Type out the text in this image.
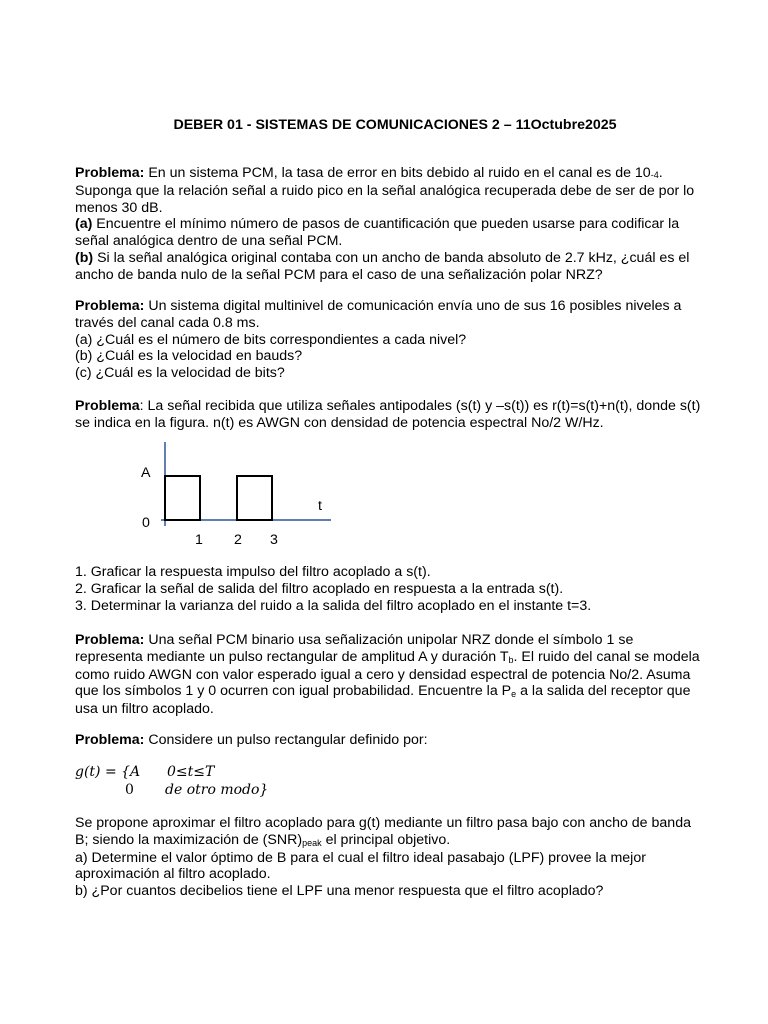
DEBER 01 - SISTEMAS DE COMUNICACIONES 2 – 11Octubre2025
Problema: En un sistema PCM, la tasa de error en bits debido al ruido en el canal es de $10^{-4}$.
Suponga que la relación señal a ruido pico en la señal analógica recuperada debe de ser de por lo
menos 30 dB.
(a) Encuentre el mínimo número de pasos de cuantificación que pueden usarse para codificar la
señal analógica dentro de una señal PCM.
(b) Si la señal analógica original contaba con un ancho de banda absoluto de 2.7 kHz, ¿cuál es el
ancho de banda nulo de la señal PCM para el caso de una señalización polar NRZ?
Problema: Un sistema digital multinivel de comunicación envía uno de sus 16 posibles niveles a
través del canal cada 0.8 ms.
(a) ¿Cuál es el número de bits correspondientes a cada nivel?
(b) ¿Cuál es la velocidad en bauds?
(c) ¿Cuál es la velocidad de bits?
Problema: La señal recibida que utiliza señales antipodales (s(t) y –s(t)) es r(t)=s(t)+n(t), donde s(t)
se indica en la figura. n(t) es AWGN con densidad de potencia espectral No/2 W/Hz.
A
0
t
1 2 3
1. Graficar la respuesta impulso del filtro acoplado a s(t).
2. Graficar la señal de salida del filtro acoplado en respuesta a la entrada s(t).
3. Determinar la varianza del ruido a la salida del filtro acoplado en el instante t=3.
Problema: Una señal PCM binario usa señalización unipolar NRZ donde el símbolo 1 se
representa mediante un pulso rectangular de amplitud A y duración Tb. El ruido del canal se modela
como ruido AWGN con valor esperado igual a cero y densidad espectral de potencia No/2. Asuma
que los símbolos 1 y 0 ocurren con igual probabilidad. Encuentre la Pe a la salida del receptor que
usa un filtro acoplado.
Problema: Considere un pulso rectangular definido por:
g(t) = {A 0≤t≤T
0 de otro modo}
Se propone aproximar el filtro acoplado para g(t) mediante un filtro pasa bajo con ancho de banda
B; siendo la maximización de (SNR)peak el principal objetivo.
a) Determine el valor óptimo de B para el cual el filtro ideal pasabajo (LPF) provee la mejor
aproximación al filtro acoplado.
b) ¿Por cuantos decibelios tiene el LPF una menor respuesta que el filtro acoplado?
